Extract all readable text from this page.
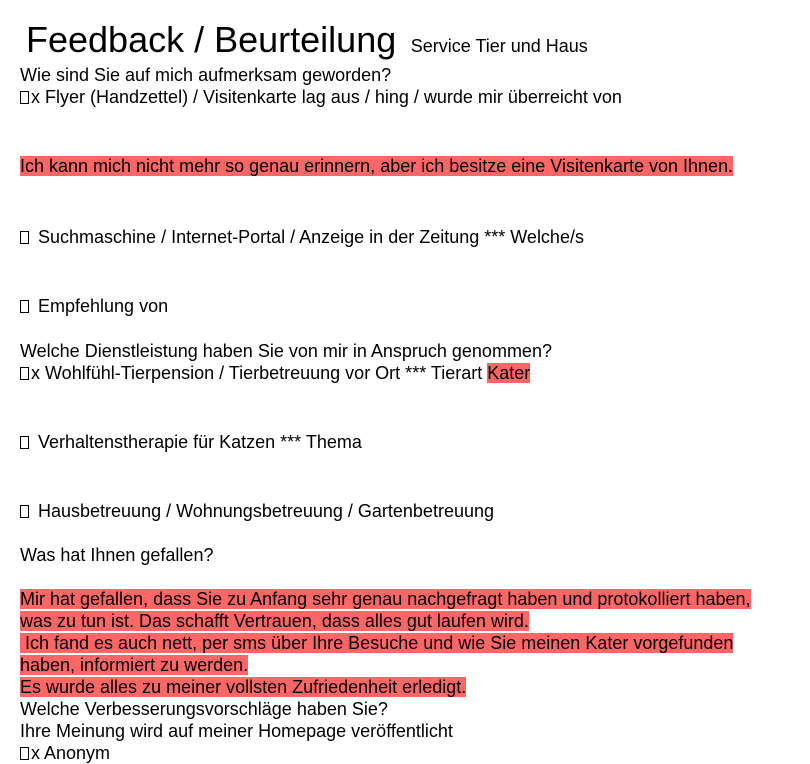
Feedback / Beurteilung Service Tier und Haus
Wie sind Sie auf mich aufmerksam geworden?
x Flyer (Handzettel) / Visitenkarte lag aus / hing / wurde mir überreicht von
Ich kann mich nicht mehr so genau erinnern, aber ich besitze eine Visitenkarte von Ihnen.
Suchmaschine / Internet-Portal / Anzeige in der Zeitung *** Welche/s
Empfehlung von
Welche Dienstleistung haben Sie von mir in Anspruch genommen?
x Wohlfühl-Tierpension / Tierbetreuung vor Ort *** Tierart Kater
Verhaltenstherapie für Katzen *** Thema
Hausbetreuung / Wohnungsbetreuung / Gartenbetreuung
Was hat Ihnen gefallen?
Mir hat gefallen, dass Sie zu Anfang sehr genau nachgefragt haben und protokolliert haben,
was zu tun ist. Das schafft Vertrauen, dass alles gut laufen wird.
Ich fand es auch nett, per sms über Ihre Besuche und wie Sie meinen Kater vorgefunden
haben, informiert zu werden.
Es wurde alles zu meiner vollsten Zufriedenheit erledigt.
Welche Verbesserungsvorschläge haben Sie?
Ihre Meinung wird auf meiner Homepage veröffentlicht
x Anonym
